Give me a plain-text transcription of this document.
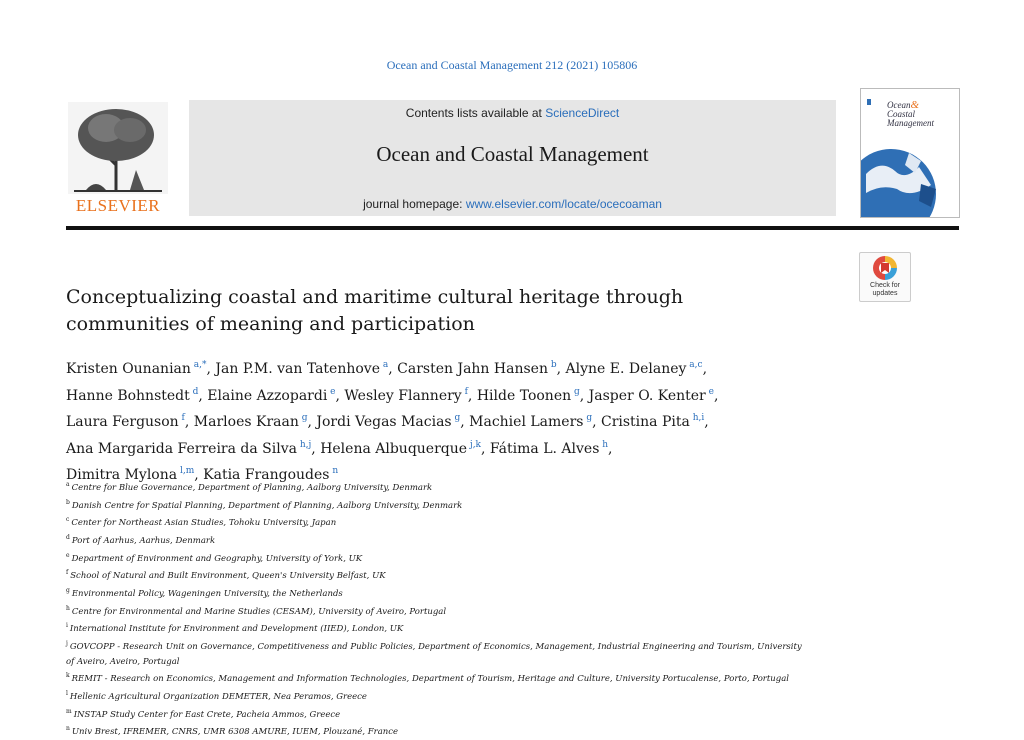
Ocean and Coastal Management 212 (2021) 105806
ELSEVIER
Contents lists available at ScienceDirect
Ocean and Coastal Management
journal homepage: www.elsevier.com/locate/ocecoaman
Ocean&
Coastal
Management
Check for
updates
Conceptualizing coastal and maritime cultural heritage through
communities of meaning and participation
Kristen Ounanian $^{a,*}$, Jan P.M. van Tatenhove $^a$, Carsten Jahn Hansen $^b$, Alyne E. Delaney $^{a,c}$,
Hanne Bohnstedt $^d$, Elaine Azzopardi $^e$, Wesley Flannery $^f$, Hilde Toonen $^g$, Jasper O. Kenter $^e$,
Laura Ferguson $^f$, Marloes Kraan $^g$, Jordi Vegas Macias $^g$, Machiel Lamers $^g$, Cristina Pita $^{h,i}$,
Ana Margarida Ferreira da Silva $^{h,j}$, Helena Albuquerque $^{j,k}$, Fátima L. Alves $^h$,
Dimitra Mylona $^{l,m}$, Katia Frangoudes $^n$
$^a$ Centre for Blue Governance, Department of Planning, Aalborg University, Denmark
$^b$ Danish Centre for Spatial Planning, Department of Planning, Aalborg University, Denmark
$^c$ Center for Northeast Asian Studies, Tohoku University, Japan
$^d$ Port of Aarhus, Aarhus, Denmark
$^e$ Department of Environment and Geography, University of York, UK
$^f$ School of Natural and Built Environment, Queen's University Belfast, UK
$^g$ Environmental Policy, Wageningen University, the Netherlands
$^h$ Centre for Environmental and Marine Studies (CESAM), University of Aveiro, Portugal
$^i$ International Institute for Environment and Development (IIED), London, UK
$^j$ GOVCOPP - Research Unit on Governance, Competitiveness and Public Policies, Department of Economics, Management, Industrial Engineering and Tourism, University
of Aveiro, Aveiro, Portugal
$^k$ REMIT - Research on Economics, Management and Information Technologies, Department of Tourism, Heritage and Culture, University Portucalense, Porto, Portugal
$^l$ Hellenic Agricultural Organization DEMETER, Nea Peramos, Greece
$^m$ INSTAP Study Center for East Crete, Pacheia Ammos, Greece
$^n$ Univ Brest, IFREMER, CNRS, UMR 6308 AMURE, IUEM, Plouzané, France
